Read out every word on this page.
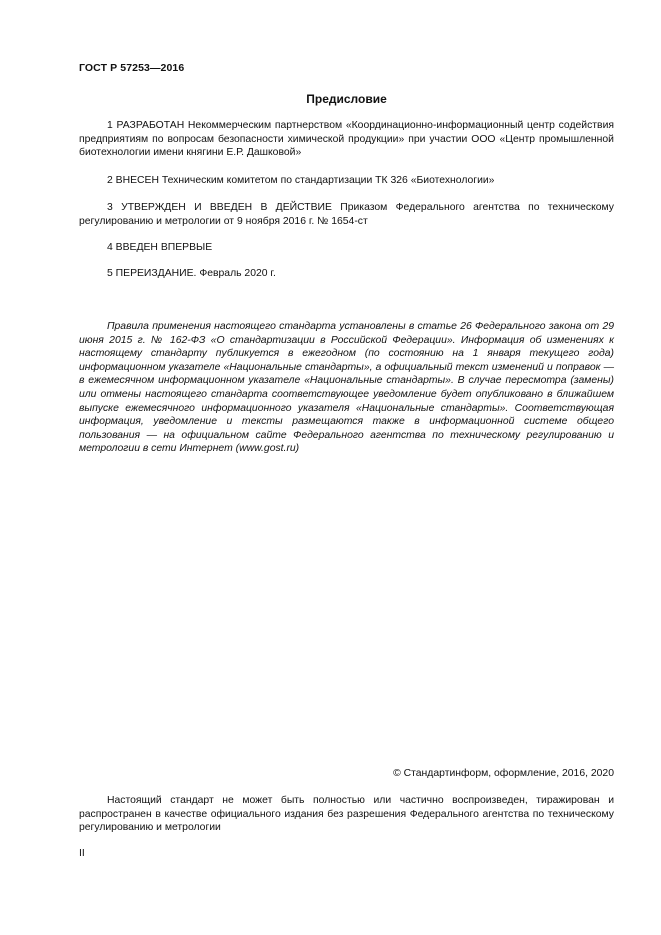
ГОСТ Р 57253—2016
Предисловие

1 РАЗРАБОТАН Некоммерческим партнерством «Координационно-информационный центр содействия предприятиям по вопросам безопасности химической продукции» при участии ООО «Центр промышленной биотехнологии имени княгини Е.Р. Дашковой»

2 ВНЕСЕН Техническим комитетом по стандартизации ТК 326 «Биотехнологии»

3 УТВЕРЖДЕН И ВВЕДЕН В ДЕЙСТВИЕ Приказом Федерального агентства по техническому регулированию и метрологии от 9 ноября 2016 г. № 1654-ст

4 ВВЕДЕН ВПЕРВЫЕ

5 ПЕРЕИЗДАНИЕ. Февраль 2020 г.

Правила применения настоящего стандарта установлены в статье 26 Федерального закона от 29 июня 2015 г. № 162-ФЗ «О стандартизации в Российской Федерации». Информация об изменениях к настоящему стандарту публикуется в ежегодном (по состоянию на 1 января текущего года) информационном указателе «Национальные стандарты», а официальный текст изменений и поправок — в ежемесячном информационном указателе «Национальные стандарты». В случае пересмотра (замены) или отмены настоящего стандарта соответствующее уведомление будет опубликовано в ближайшем выпуске ежемесячного информационного указателя «Национальные стандарты». Соответствующая информация, уведомление и тексты размещаются также в информационной системе общего пользования — на официальном сайте Федерального агентства по техническому регулированию и метрологии в сети Интернет (www.gost.ru)

© Стандартинформ, оформление, 2016, 2020

Настоящий стандарт не может быть полностью или частично воспроизведен, тиражирован и распространен в качестве официального издания без разрешения Федерального агентства по техническому регулированию и метрологии

II
